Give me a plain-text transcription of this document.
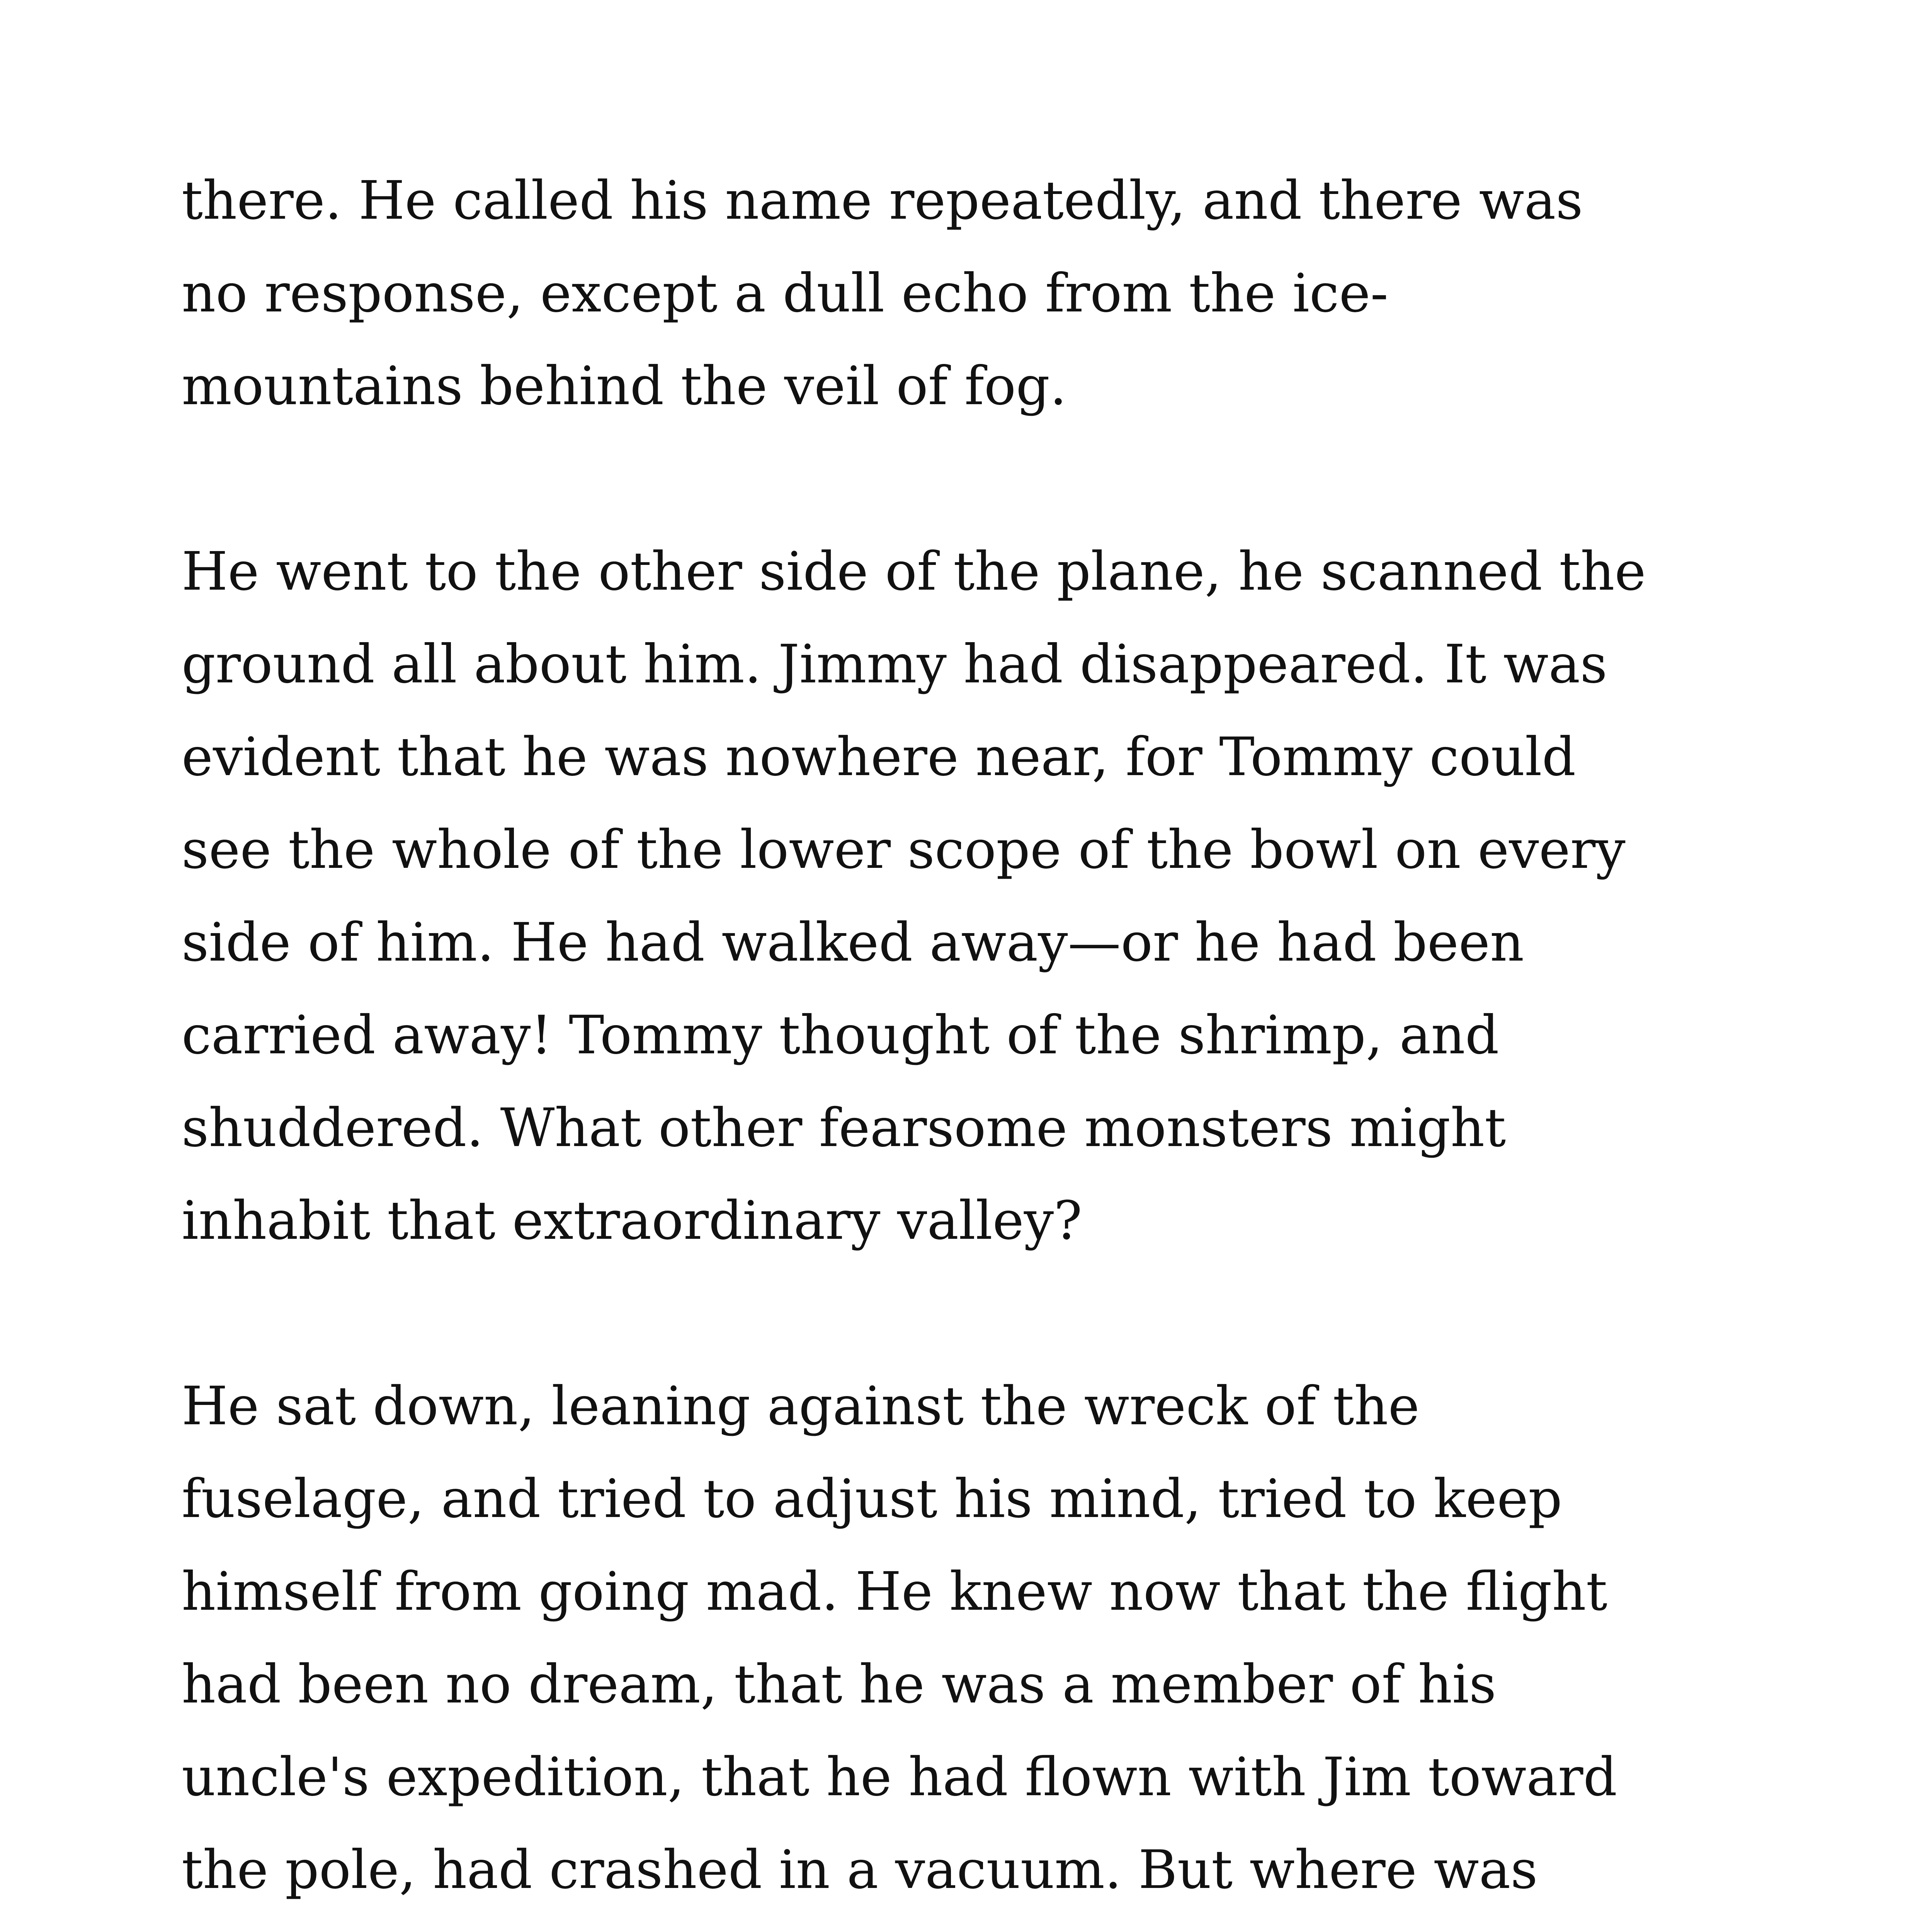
there. He called his name repeatedly, and there was
no response, except a dull echo from the ice-
mountains behind the veil of fog.

He went to the other side of the plane, he scanned the
ground all about him. Jimmy had disappeared. It was
evident that he was nowhere near, for Tommy could
see the whole of the lower scope of the bowl on every
side of him. He had walked away—or he had been
carried away! Tommy thought of the shrimp, and
shuddered. What other fearsome monsters might
inhabit that extraordinary valley?

He sat down, leaning against the wreck of the
fuselage, and tried to adjust his mind, tried to keep
himself from going mad. He knew now that the flight
had been no dream, that he was a member of his
uncle's expedition, that he had flown with Jim toward
the pole, had crashed in a vacuum. But where was
